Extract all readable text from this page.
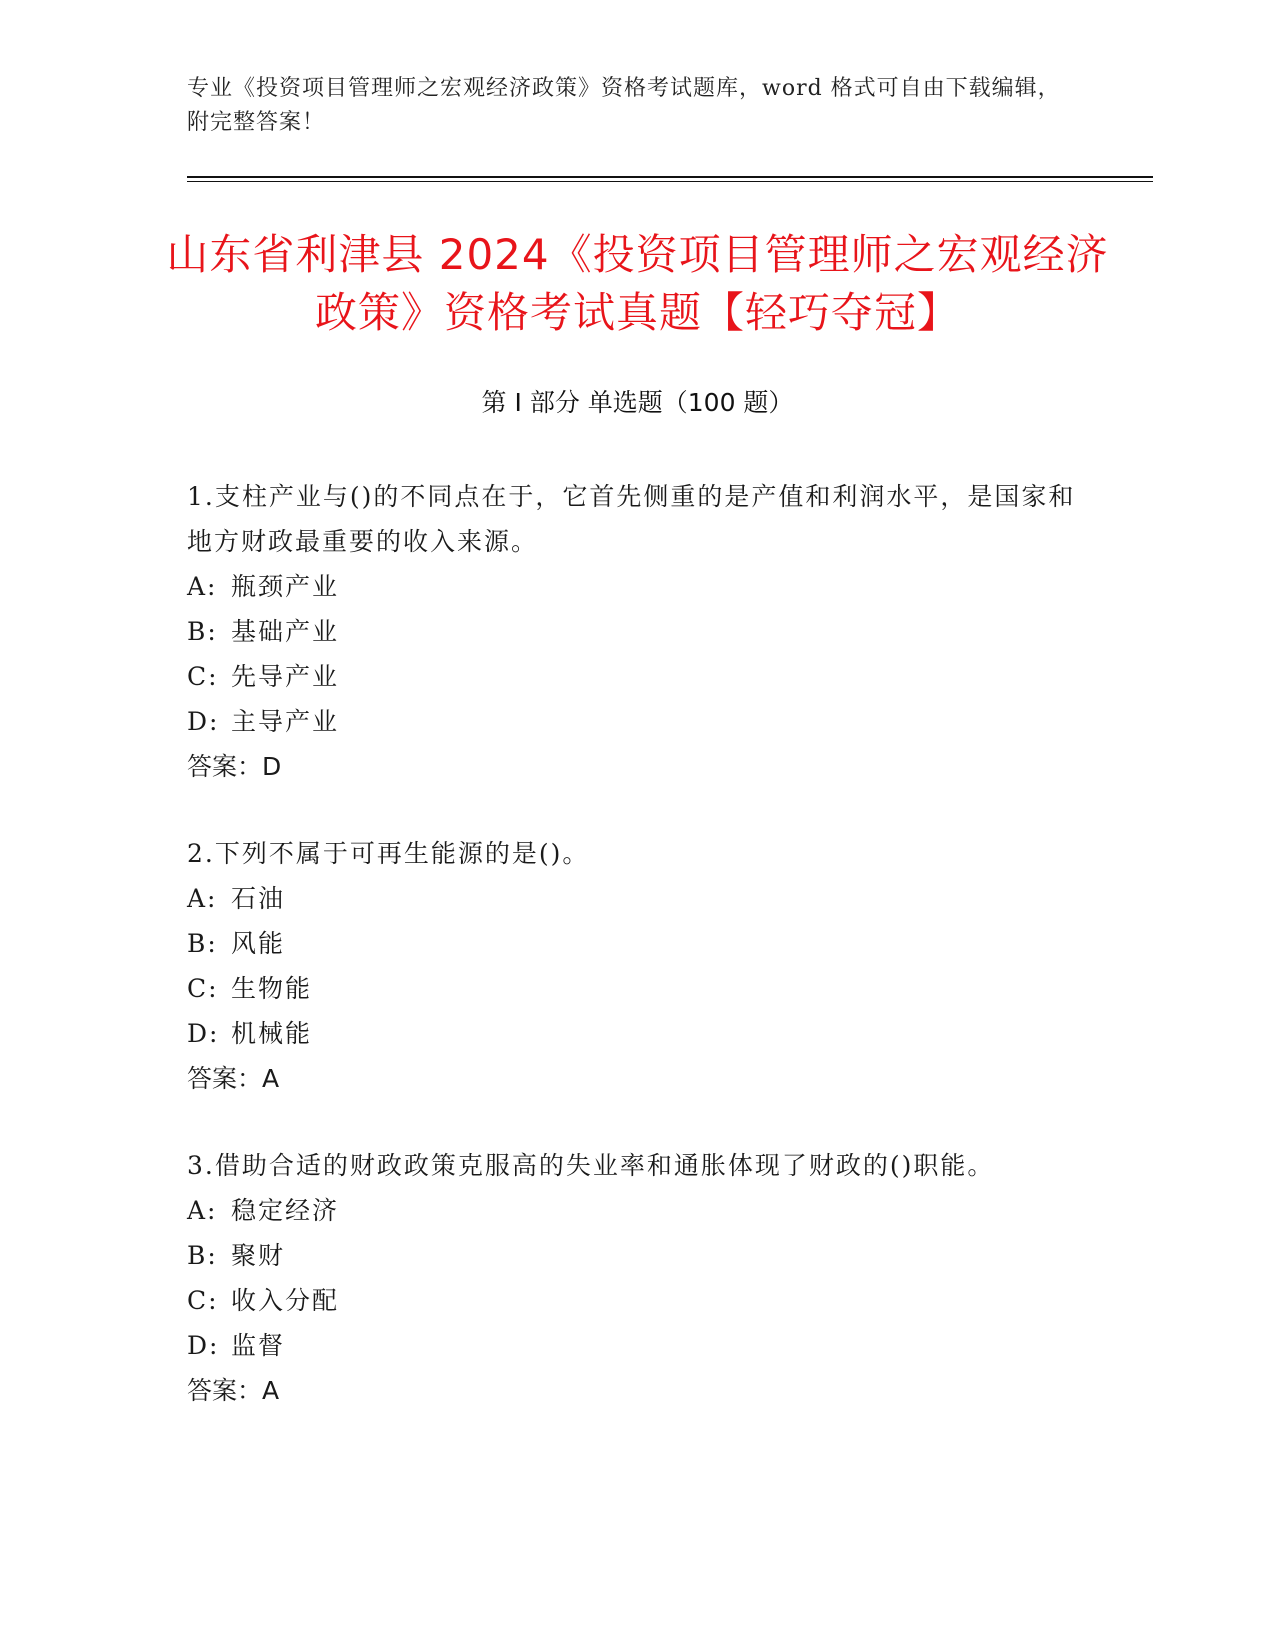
专业《投资项目管理师之宏观经济政策》资格考试题库，word 格式可自由下载编辑，附完整答案！
山东省利津县 2024《投资项目管理师之宏观经济政策》资格考试真题【轻巧夺冠】
第 I 部分 单选题（100 题）

1.支柱产业与()的不同点在于，它首先侧重的是产值和利润水平，是国家和地方财政最重要的收入来源。

A: 瓶颈产业

B: 基础产业

C: 先导产业

D: 主导产业

答案：D

2.下列不属于可再生能源的是()。

A: 石油

B: 风能

C: 生物能

D: 机械能

答案：A

3.借助合适的财政政策克服高的失业率和通胀体现了财政的()职能。

A: 稳定经济

B: 聚财

C: 收入分配

D: 监督

答案：A
